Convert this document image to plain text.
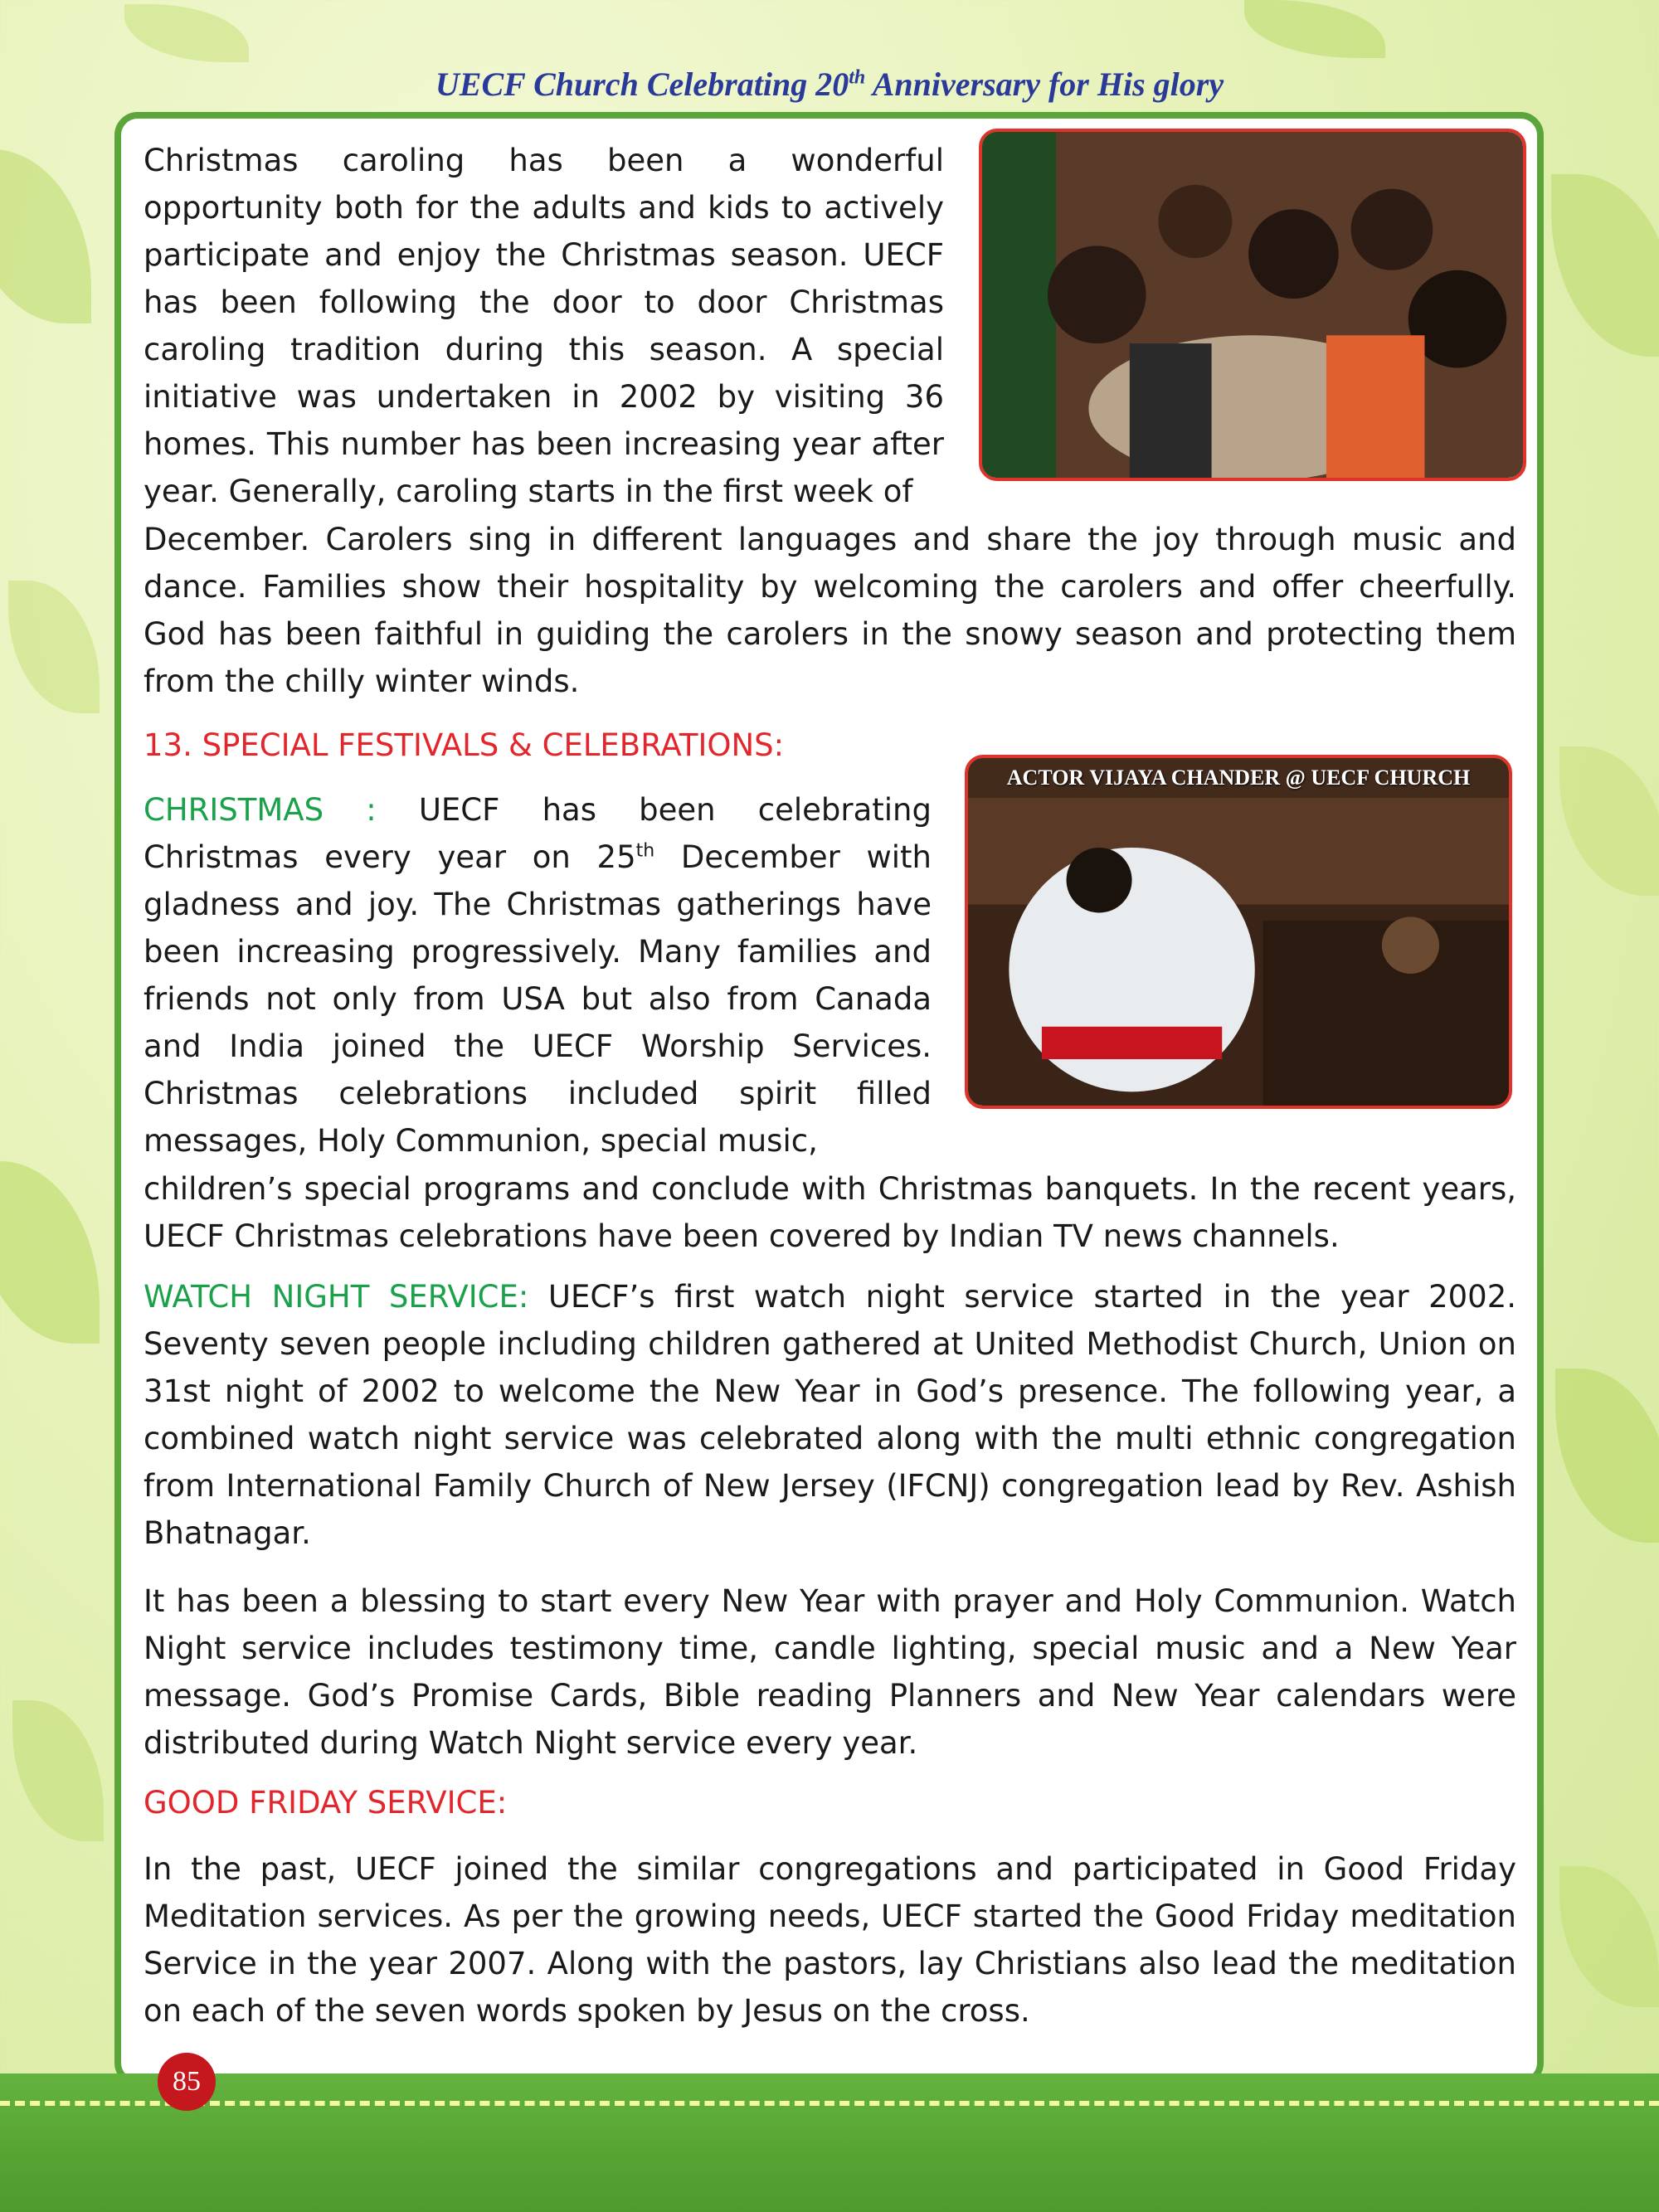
UECF Church Celebrating 20th Anniversary for His glory
ACTOR VIJAYA CHANDER @ UECF CHURCH

Christmas caroling has been a wonderful opportunity both for the adults and kids to actively participate and enjoy the Christmas season. UECF has been following the door to door Christmas caroling tradition during this season. A special initiative was undertaken in 2002 by visiting 36 homes. This number has been increasing year after year. Generally, caroling starts in the first week of

December. Carolers sing in different languages and share the joy through music and dance. Families show their hospitality by welcoming the carolers and offer cheerfully. God has been faithful in guiding the carolers in the snowy season and protecting them from the chilly winter winds.

13. SPECIAL FESTIVALS & CELEBRATIONS:

CHRISTMAS : UECF has been celebrating Christmas every year on 25th December with gladness and joy. The Christmas gatherings have been increasing progressively. Many families and friends not only from USA but also from Canada and India joined the UECF Worship Services. Christmas celebrations included spirit filled messages, Holy Communion, special music,

children’s special programs and conclude with Christmas banquets. In the recent years, UECF Christmas celebrations have been covered by Indian TV news channels.

WATCH NIGHT SERVICE: UECF’s first watch night service started in the year 2002. Seventy seven people including children gathered at United Methodist Church, Union on 31st night of 2002 to welcome the New Year in God’s presence. The following year, a combined watch night service was celebrated along with the multi ethnic congregation from International Family Church of New Jersey (IFCNJ) congregation lead by Rev. Ashish Bhatnagar.

It has been a blessing to start every New Year with prayer and Holy Communion. Watch Night service includes testimony time, candle lighting, special music and a New Year message. God’s Promise Cards, Bible reading Planners and New Year calendars were distributed during Watch Night service every year.

GOOD FRIDAY SERVICE:

In the past, UECF joined the similar congregations and participated in Good Friday Meditation services. As per the growing needs, UECF started the Good Friday meditation Service in the year 2007. Along with the pastors, lay Christians also lead the meditation on each of the seven words spoken by Jesus on the cross.

85
